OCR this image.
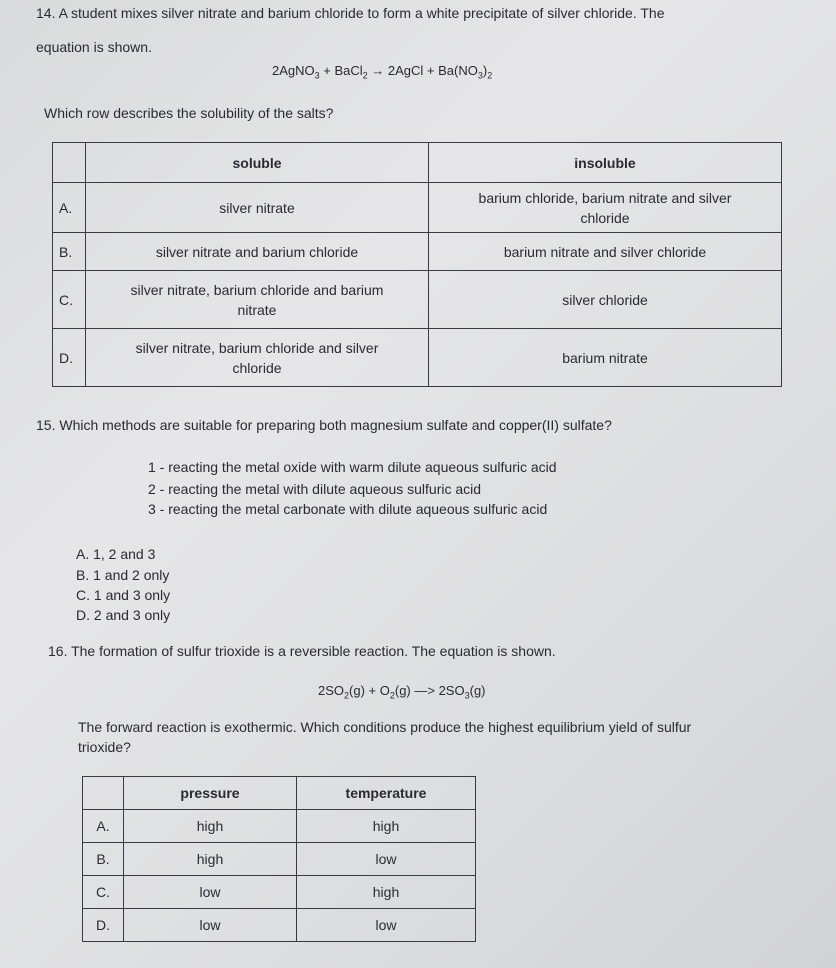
14. A student mixes silver nitrate and barium chloride to form a white precipitate of silver chloride. The
equation is shown.
2AgNO$_3$ + BaCl$_2$ → 2AgCl + $Ba(NO_3)_2$
Which row describes the solubility of the salts?
	soluble	insoluble
A.	silver nitrate	barium chloride, barium nitrate and silver
chloride

B.	silver nitrate and barium chloride	barium nitrate and silver chloride
C.	silver nitrate, barium chloride and barium
nitrate	silver chloride
D.	silver nitrate, barium chloride and silver
chloride	barium nitrate
15. Which methods are suitable for preparing both magnesium sulfate and copper(II) sulfate?
1 - reacting the metal oxide with warm dilute aqueous sulfuric acid
2 - reacting the metal with dilute aqueous sulfuric acid
3 - reacting the metal carbonate with dilute aqueous sulfuric acid
A. 1, 2 and 3
B. 1 and 2 only
C. 1 and 3 only
D. 2 and 3 only
16. The formation of sulfur trioxide is a reversible reaction. The equation is shown.
$2SO_2(g) + O_2(g)$ —> $2SO_3(g)$
The forward reaction is exothermic. Which conditions produce the highest equilibrium yield of sulfur
trioxide?
	pressure	temperature
A.	high	high
B.	high	low
C.	low	high
D.	low	low
